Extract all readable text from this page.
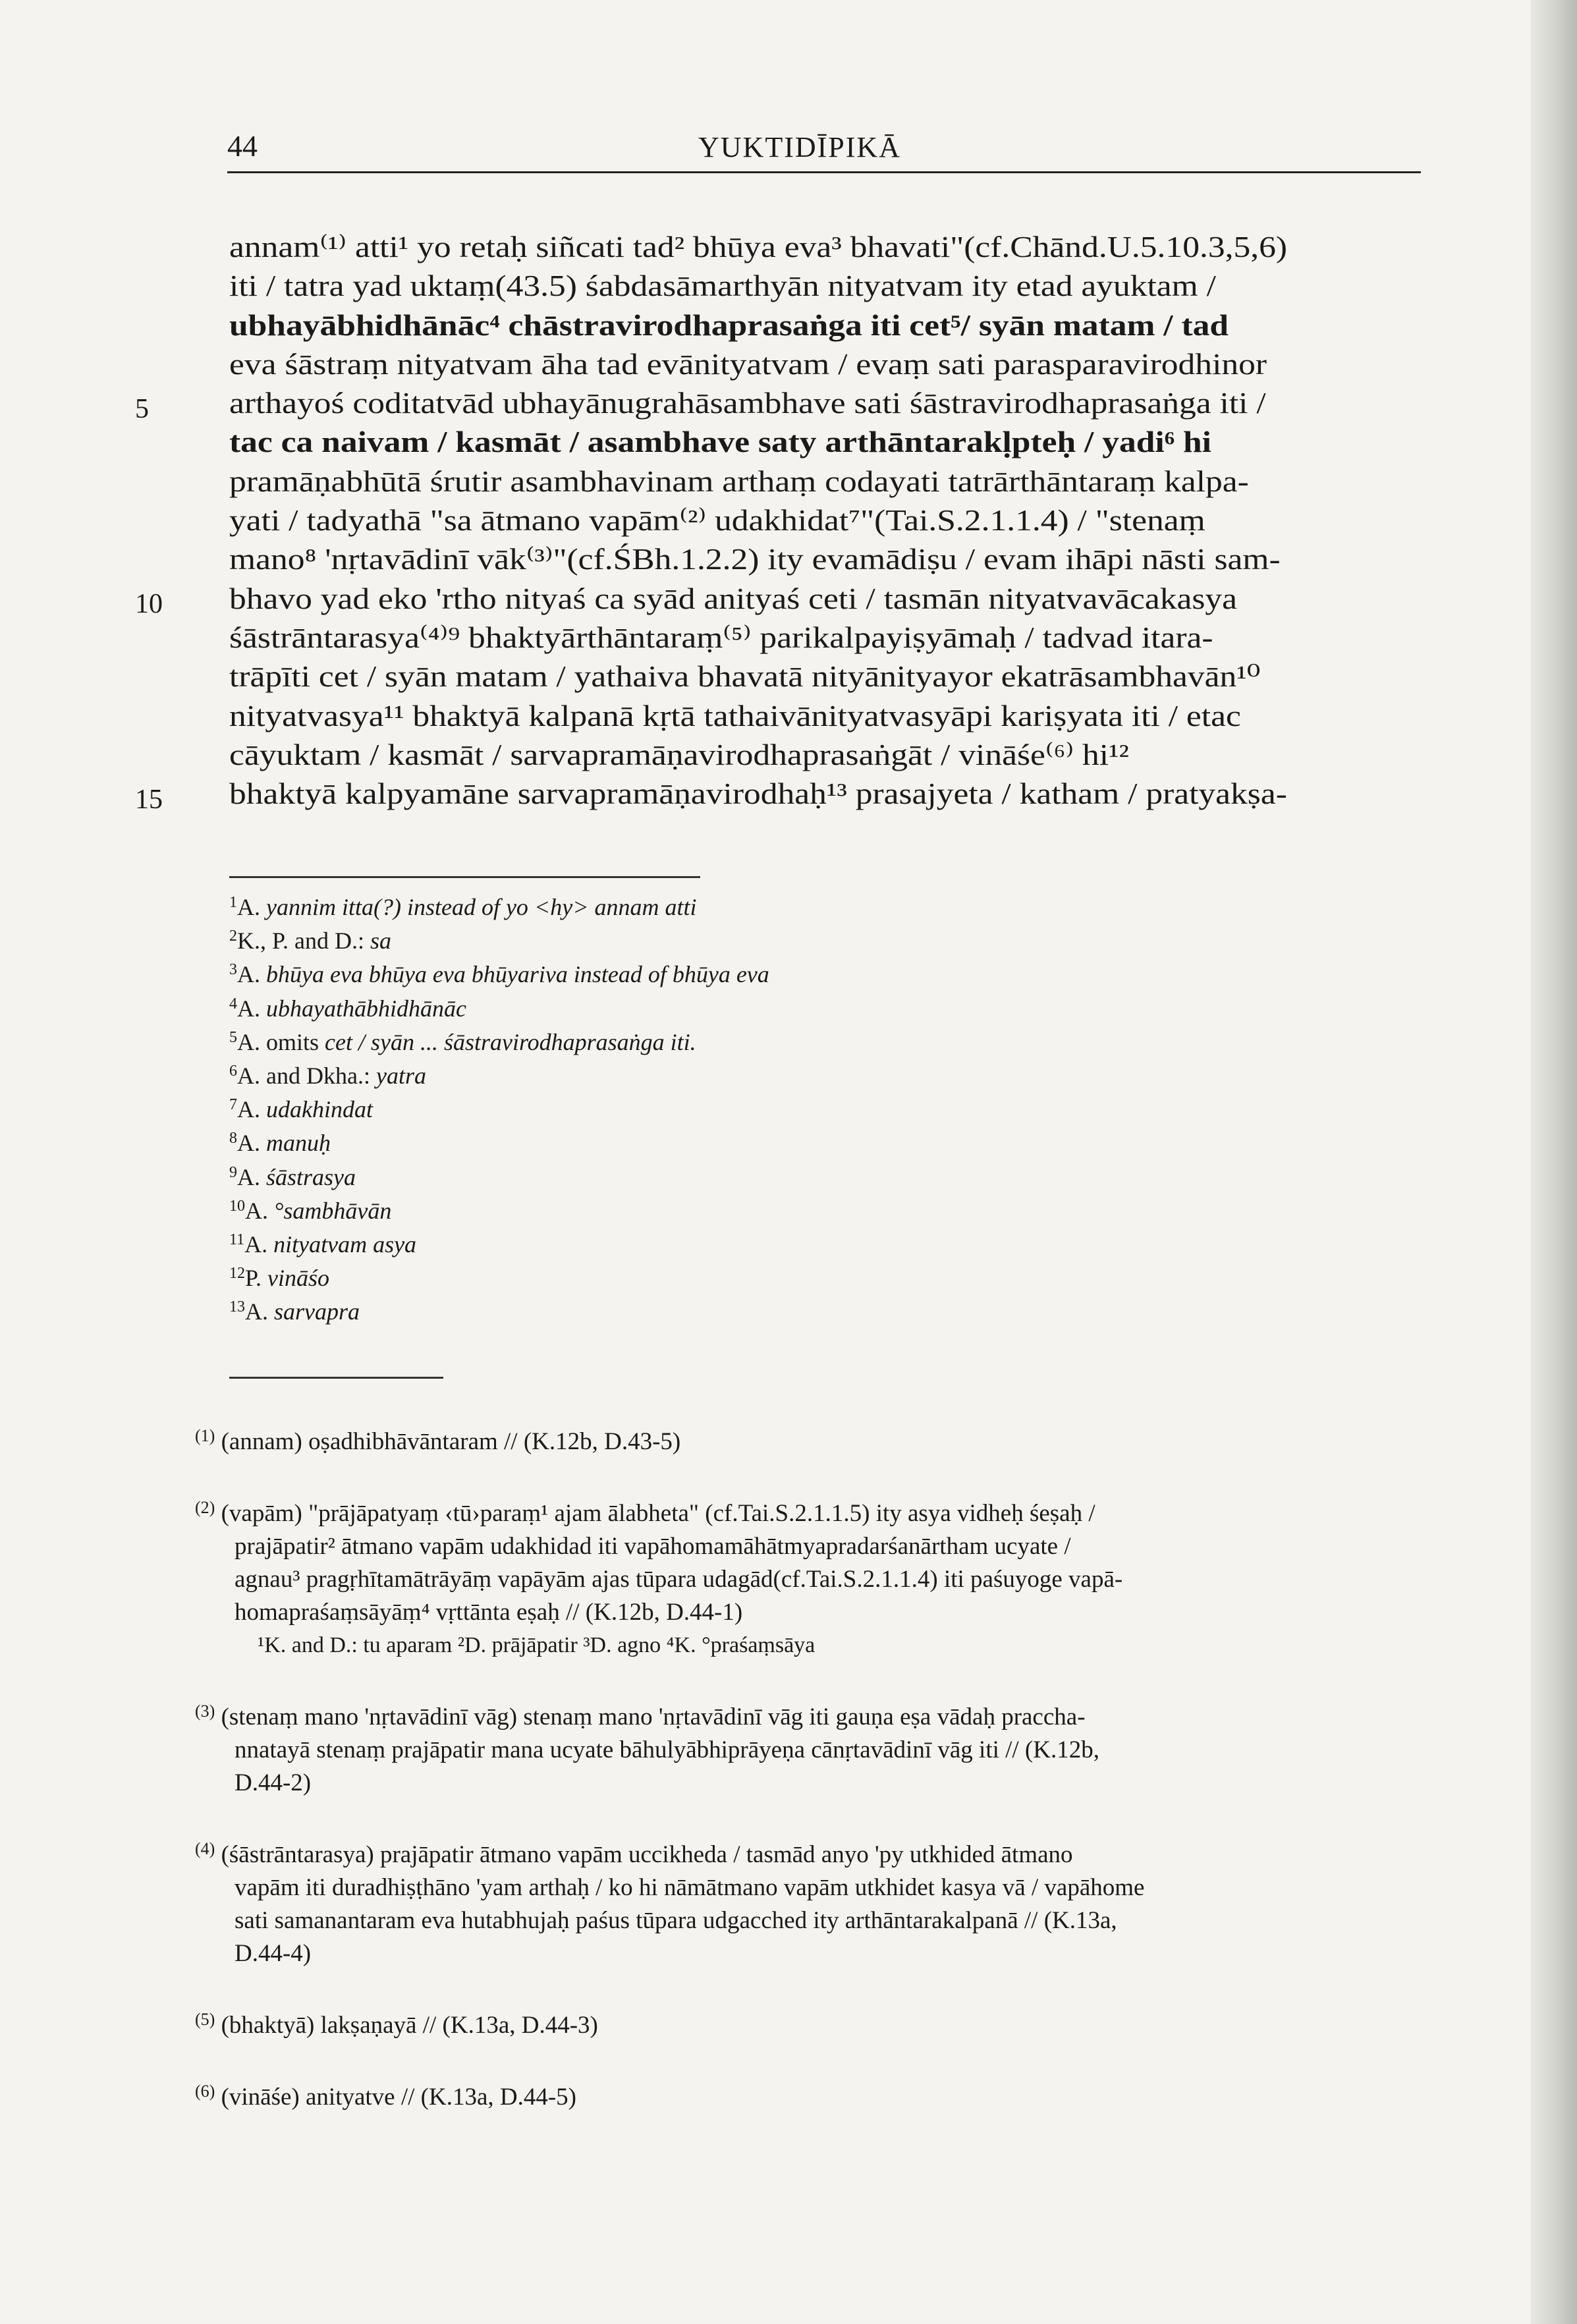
44	YUKTIDĪPIKĀ
5
10
15
annam⁽¹⁾ atti¹ yo retaḥ siñcati tad² bhūya eva³ bhavati"(cf.Chānd.U.5.10.3,5,6)
iti / tatra yad uktaṃ(43.5) śabdasāmarthyān nityatvam ity etad ayuktam /
ubhayābhidhānāc⁴ chāstravirodhaprasaṅga iti cet⁵/ syān matam / tad
eva śāstraṃ nityatvam āha tad evānityatvam / evaṃ sati parasparavirodhinor
arthayoś coditatvād ubhayānugrahāsambhave sati śāstravirodhaprasaṅga iti /
tac ca naivam / kasmāt / asambhave saty arthāntarakḷpteḥ / yadi⁶ hi
pramāṇabhūtā śrutir asambhavinam arthaṃ codayati tatrārthāntaraṃ kalpa-
yati / tadyathā "sa ātmano vapām⁽²⁾ udakhidat⁷"(Tai.S.2.1.1.4) / "stenaṃ
mano⁸ 'nṛtavādinī vāk⁽³⁾"(cf.ŚBh.1.2.2) ity evamādiṣu / evam ihāpi nāsti sam-
bhavo yad eko 'rtho nityaś ca syād anityaś ceti / tasmān nityatvavācakasya
śāstrāntarasya⁽⁴⁾⁹ bhaktyārthāntaraṃ⁽⁵⁾ parikalpayiṣyāmaḥ / tadvad itara-
trāpīti cet / syān matam / yathaiva bhavatā nityānityayor ekatrāsambhavān¹⁰
nityatvasya¹¹ bhaktyā kalpanā kṛtā tathaivānityatvasyāpi kariṣyata iti / etac
cāyuktam / kasmāt / sarvapramāṇavirodhaprasaṅgāt / vināśe⁽⁶⁾ hi¹²
bhaktyā kalpyamāne sarvapramāṇavirodhaḥ¹³ prasajyeta / katham / pratyakṣa-
$^1$A. yannim itta(?) instead of yo <hy> annam atti
$^2$K., P. and D.: sa
$^3$A. bhūya eva bhūya eva bhūyariva instead of bhūya eva
$^4$A. ubhayathābhidhānāc
$^5$A. omits cet / syān ... śāstravirodhaprasaṅga iti.
$^6$A. and Dkha.: yatra
$^7$A. udakhindat
$^8$A. manuḥ
$^9$A. śāstrasya
$^{10}$A. °sambhāvān
$^{11}$A. nityatvam asya
$^{12}$P. vināśo
$^{13}$A. sarvapra
$^{(1)}$ (annam) oṣadhibhāvāntaram // (K.12b, D.43-5)
$^{(2)}$ (vapām) "prājāpatyaṃ ‹tū›paraṃ¹ ajam ālabheta" (cf.Tai.S.2.1.1.5) ity asya vidheḥ śeṣaḥ /
prajāpatir² ātmano vapām udakhidad iti vapāhomamāhātmyapradarśanārtham ucyate /
agnau³ pragṛhītamātrāyāṃ vapāyām ajas tūpara udagād(cf.Tai.S.2.1.1.4) iti paśuyoge vapā-
homapraśaṃsāyāṃ⁴ vṛttānta eṣaḥ // (K.12b, D.44-1)
¹K. and D.: tu aparam ²D. prājāpatir ³D. agno ⁴K. °praśaṃsāya
$^{(3)}$ (stenaṃ mano 'nṛtavādinī vāg) stenaṃ mano 'nṛtavādinī vāg iti gauṇa eṣa vādaḥ praccha-
nnatayā stenaṃ prajāpatir mana ucyate bāhulyābhiprāyeṇa cānṛtavādinī vāg iti // (K.12b,
D.44-2)
$^{(4)}$ (śāstrāntarasya) prajāpatir ātmano vapām uccikheda / tasmād anyo 'py utkhided ātmano
vapām iti duradhiṣṭhāno 'yam arthaḥ / ko hi nāmātmano vapām utkhidet kasya vā / vapāhome
sati samanantaram eva hutabhujaḥ paśus tūpara udgacched ity arthāntarakalpanā // (K.13a,
D.44-4)
$^{(5)}$ (bhaktyā) lakṣaṇayā // (K.13a, D.44-3)
$^{(6)}$ (vināśe) anityatve // (K.13a, D.44-5)
